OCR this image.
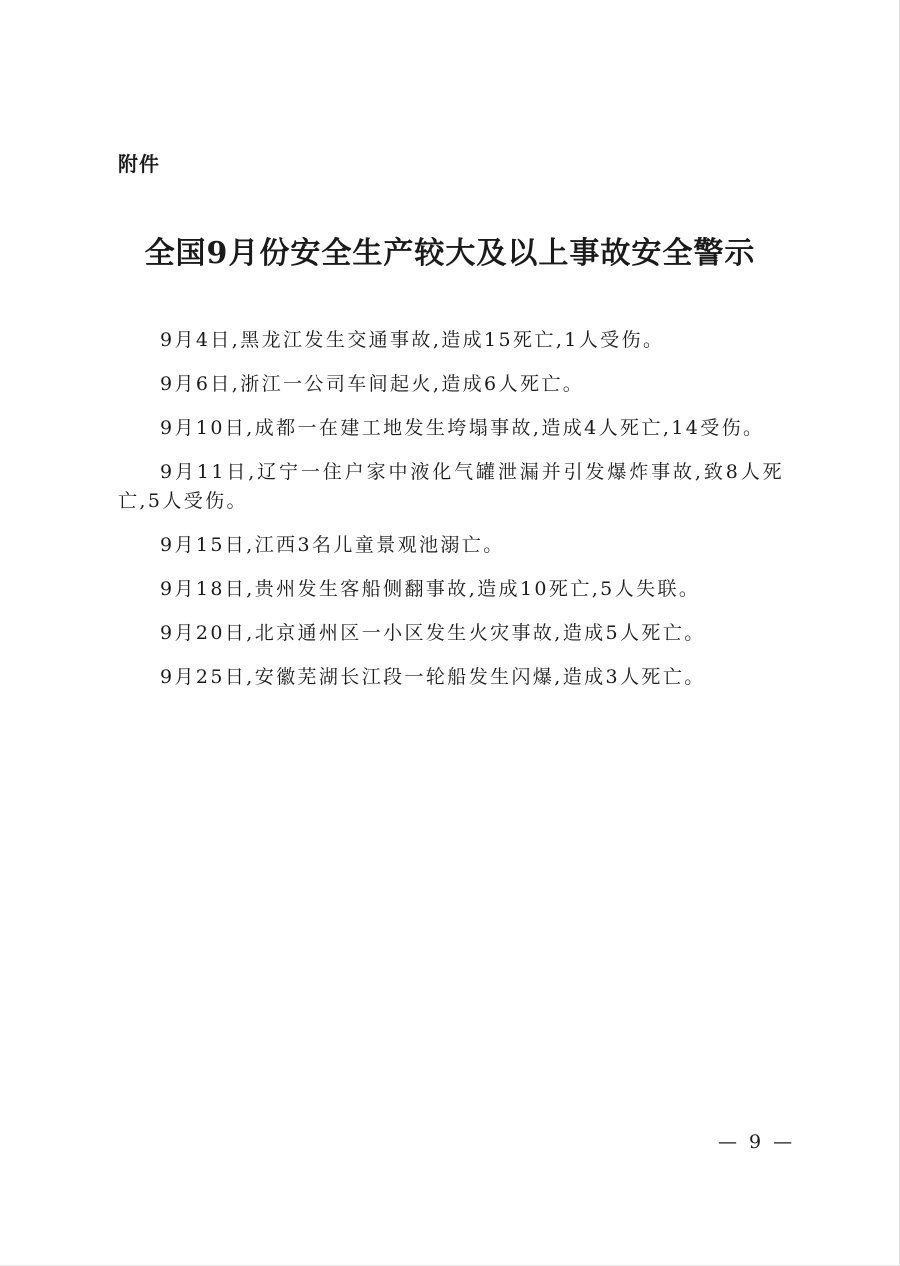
附件
全国9月份安全生产较大及以上事故安全警示
9月4日,黑龙江发生交通事故,造成15死亡,1人受伤。
9月6日,浙江一公司车间起火,造成6人死亡。
9月10日,成都一在建工地发生垮塌事故,造成4人死亡,14受伤。
9月11日,辽宁一住户家中液化气罐泄漏并引发爆炸事故,致8人死亡,5人受伤。
9月15日,江西3名儿童景观池溺亡。
9月18日,贵州发生客船侧翻事故,造成10死亡,5人失联。
9月20日,北京通州区一小区发生火灾事故,造成5人死亡。
9月25日,安徽芜湖长江段一轮船发生闪爆,造成3人死亡。
— 9 —
